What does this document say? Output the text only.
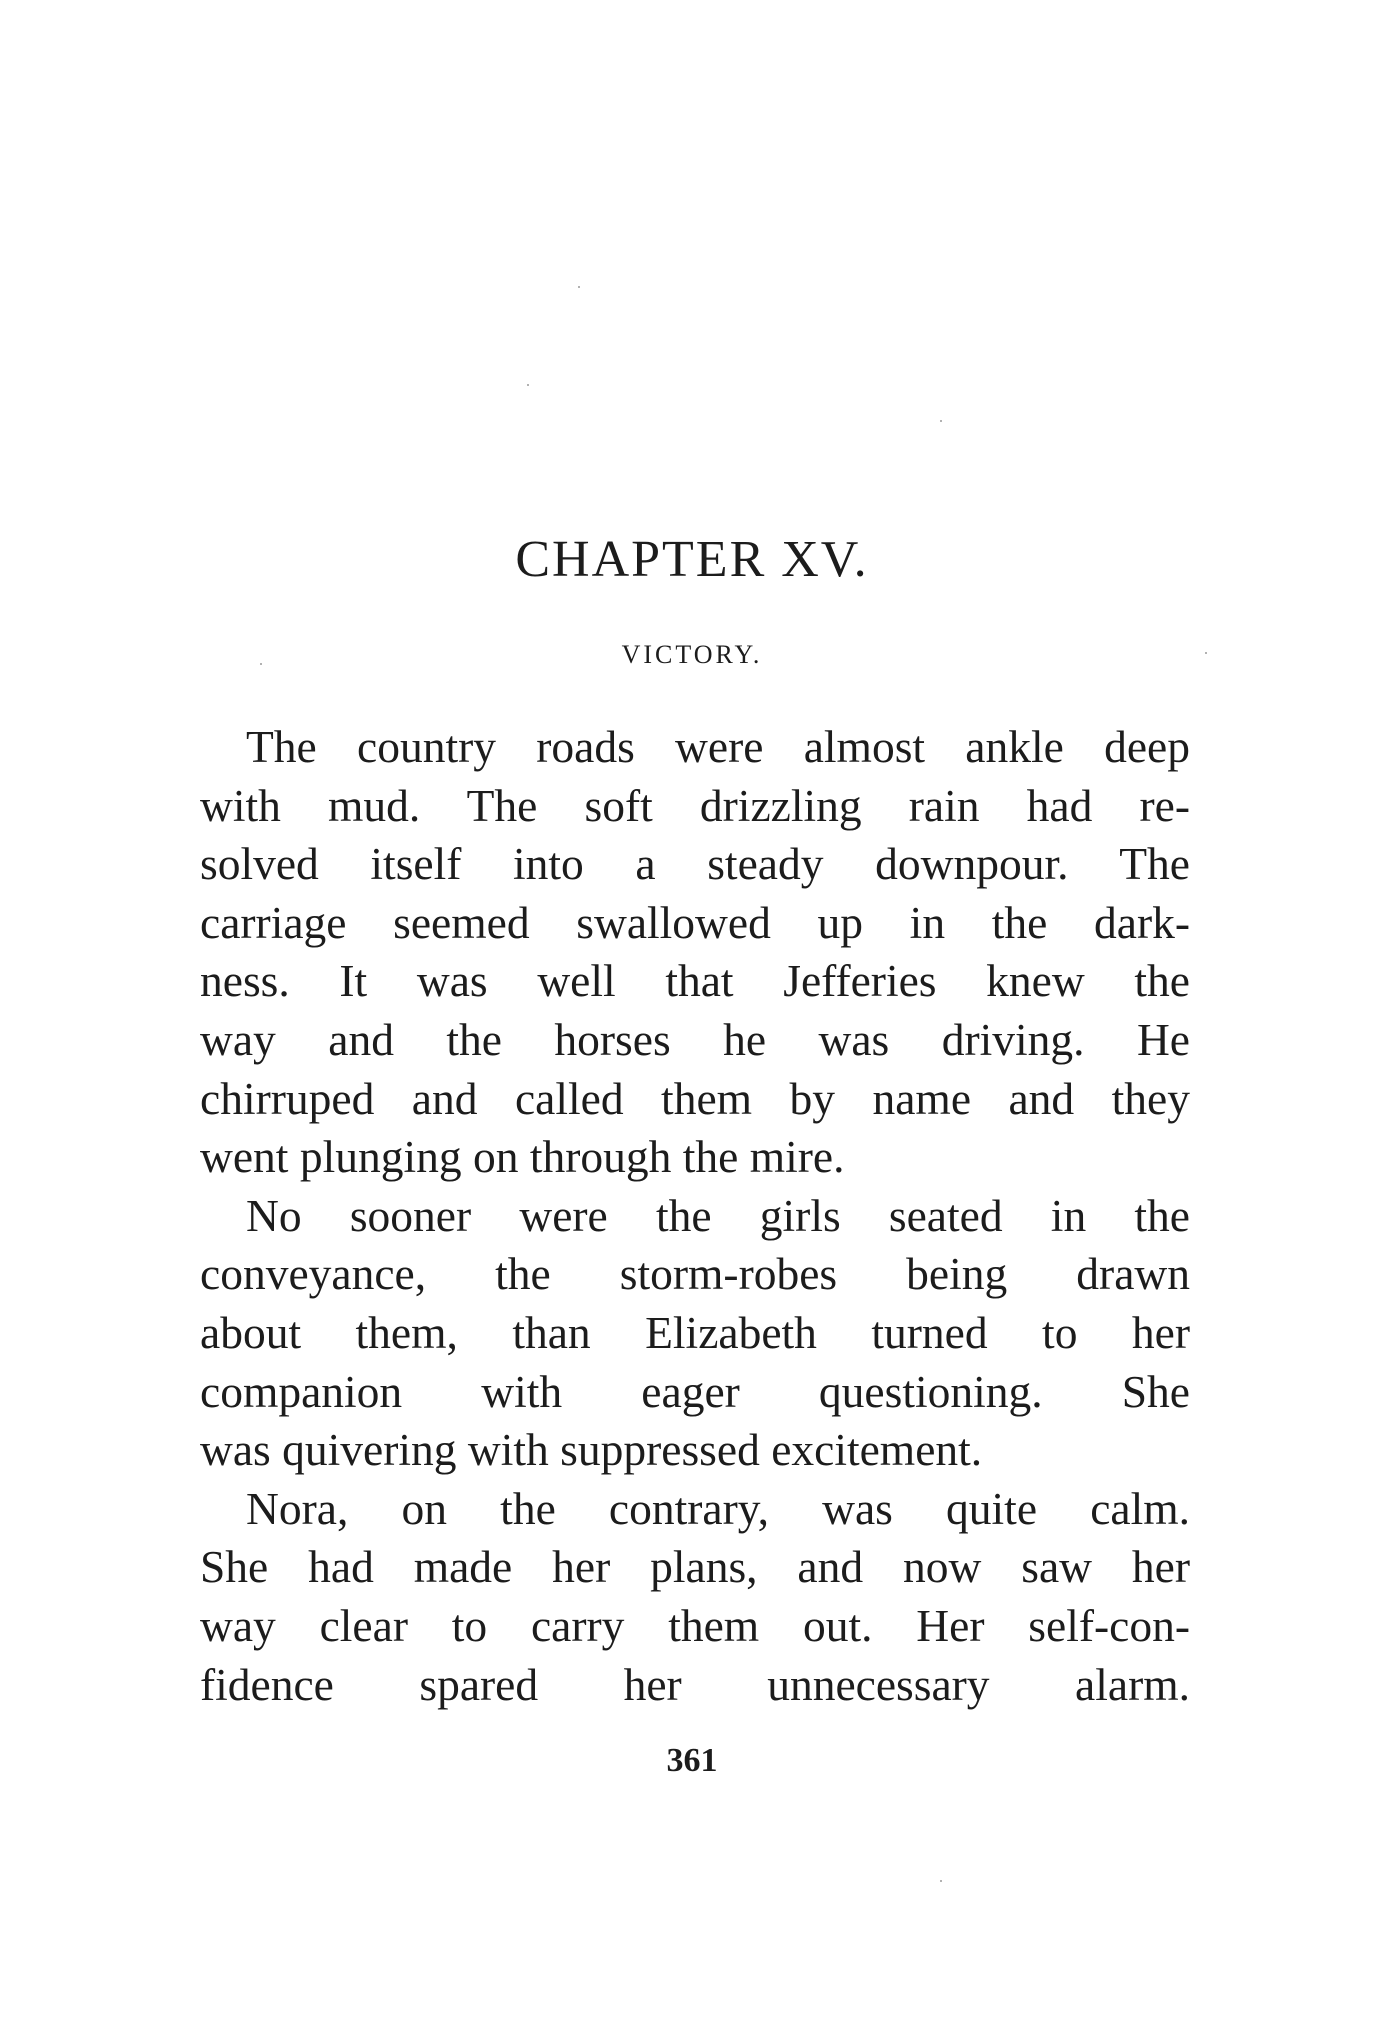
CHAPTER XV.
VICTORY.
The country roads were almost ankle deep
with mud. The soft drizzling rain had re-
solved itself into a steady downpour. The
carriage seemed swallowed up in the dark-
ness. It was well that Jefferies knew the
way and the horses he was driving. He
chirruped and called them by name and they
went plunging on through the mire.
No sooner were the girls seated in the
conveyance, the storm-robes being drawn
about them, than Elizabeth turned to her
companion with eager questioning. She
was quivering with suppressed excitement.
Nora, on the contrary, was quite calm.
She had made her plans, and now saw her
way clear to carry them out. Her self-con-
fidence spared her unnecessary alarm.
361
